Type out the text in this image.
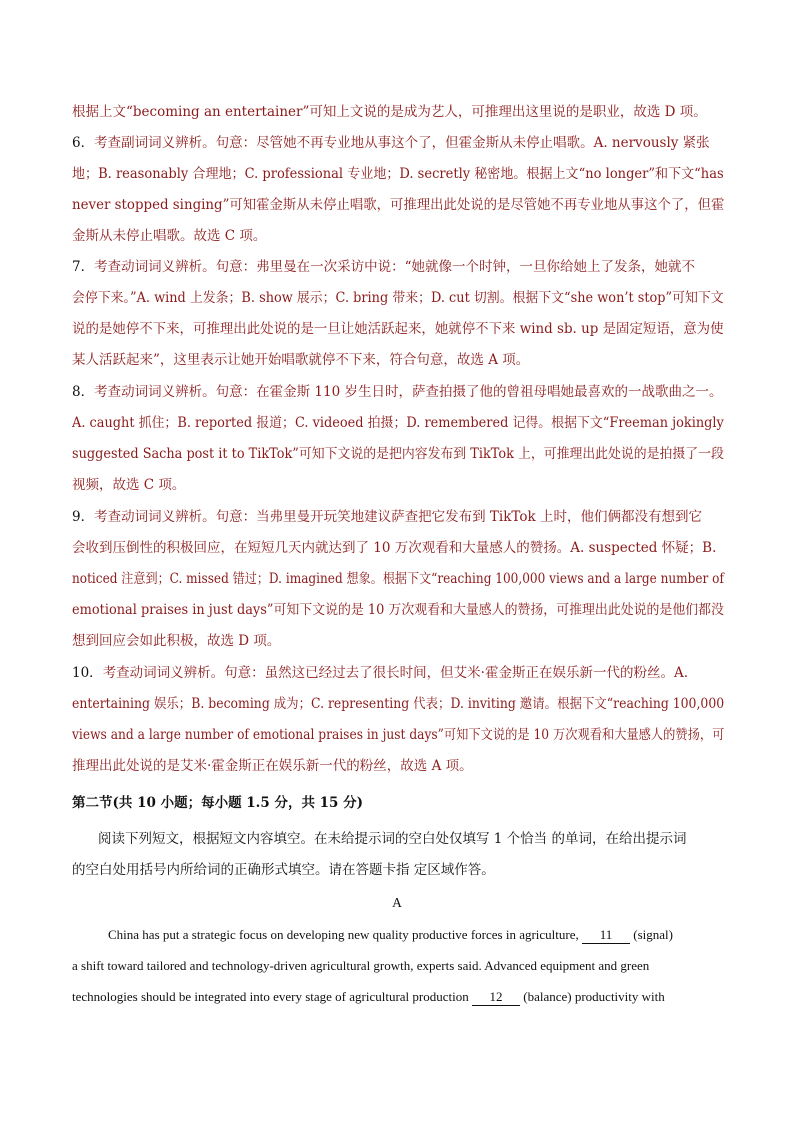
根据上文“becoming an entertainer”可知上文说的是成为艺人，可推理出这里说的是职业，故选 D 项。
6．考查副词词义辨析。句意：尽管她不再专业地从事这个了，但霍金斯从未停止唱歌。A. nervously 紧张
地；B. reasonably 合理地；C. professional 专业地；D. secretly 秘密地。根据上文“no longer”和下文“has
never stopped singing”可知霍金斯从未停止唱歌，可推理出此处说的是尽管她不再专业地从事这个了，但霍
金斯从未停止唱歌。故选 C 项。
7．考查动词词义辨析。句意：弗里曼在一次采访中说：“她就像一个时钟，一旦你给她上了发条，她就不
会停下来。”A. wind 上发条；B. show 展示；C. bring 带来；D. cut 切割。根据下文“she won’t stop”可知下文
说的是她停不下来，可推理出此处说的是一旦让她活跃起来，她就停不下来 wind sb. up 是固定短语，意为使
某人活跃起来”，这里表示让她开始唱歌就停不下来，符合句意，故选 A 项。
8．考查动词词义辨析。句意：在霍金斯 110 岁生日时，萨查拍摄了他的曾祖母唱她最喜欢的一战歌曲之一。
A. caught 抓住；B. reported 报道；C. videoed 拍摄；D. remembered 记得。根据下文“Freeman jokingly
suggested Sacha post it to TikTok”可知下文说的是把内容发布到 TikTok 上，可推理出此处说的是拍摄了一段
视频，故选 C 项。
9．考查动词词义辨析。句意：当弗里曼开玩笑地建议萨查把它发布到 TikTok 上时，他们俩都没有想到它
会收到压倒性的积极回应，在短短几天内就达到了 10 万次观看和大量感人的赞扬。A. suspected 怀疑；B.
noticed 注意到；C. missed 错过；D. imagined 想象。根据下文“reaching 100,000 views and a large number of
emotional praises in just days”可知下文说的是 10 万次观看和大量感人的赞扬，可推理出此处说的是他们都没
想到回应会如此积极，故选 D 项。
10．考查动词词义辨析。句意：虽然这已经过去了很长时间，但艾米·霍金斯正在娱乐新一代的粉丝。A.
entertaining 娱乐；B. becoming 成为；C. representing 代表；D. inviting 邀请。根据下文“reaching 100,000
views and a large number of emotional praises in just days”可知下文说的是 10 万次观看和大量感人的赞扬，可
推理出此处说的是艾米·霍金斯正在娱乐新一代的粉丝，故选 A 项。
第二节(共 10 小题；每小题 1.5 分，共 15 分)
阅读下列短文，根据短文内容填空。在未给提示词的空白处仅填写 1 个恰当 的单词，在给出提示词
的空白处用括号内所给词的正确形式填空。请在答题卡指 定区域作答。
A
China has put a strategic focus on developing new quality productive forces in agriculture, 11 (signal)
a shift toward tailored and technology-driven agricultural growth, experts said. Advanced equipment and green
technologies should be integrated into every stage of agricultural production 12 (balance) productivity with
